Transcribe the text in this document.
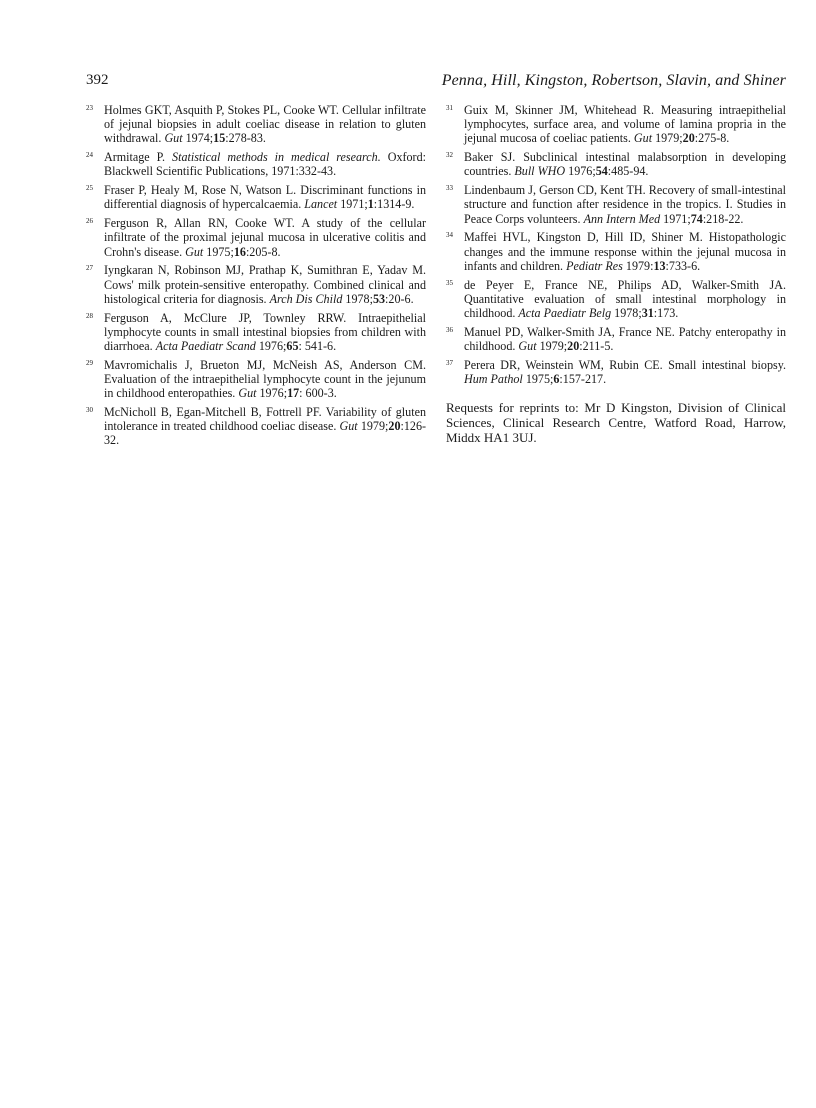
392	Penna, Hill, Kingston, Robertson, Slavin, and Shiner

23 Holmes GKT, Asquith P, Stokes PL, Cooke WT. Cellular infiltrate of jejunal biopsies in adult coeliac disease in relation to gluten withdrawal. Gut 1974;15:278-83.

24 Armitage P. Statistical methods in medical research. Oxford: Blackwell Scientific Publications, 1971:332-43.

25 Fraser P, Healy M, Rose N, Watson L. Discriminant functions in differential diagnosis of hypercalcaemia. Lancet 1971;1:1314-9.

26 Ferguson R, Allan RN, Cooke WT. A study of the cellular infiltrate of the proximal jejunal mucosa in ulcerative colitis and Crohn's disease. Gut 1975;16:205-8.

27 Iyngkaran N, Robinson MJ, Prathap K, Sumithran E, Yadav M. Cows' milk protein-sensitive enteropathy. Combined clinical and histological criteria for diagnosis. Arch Dis Child 1978;53:20-6.

28 Ferguson A, McClure JP, Townley RRW. Intraepithelial lymphocyte counts in small intestinal biopsies from children with diarrhoea. Acta Paediatr Scand 1976;65: 541-6.

29 Mavromichalis J, Brueton MJ, McNeish AS, Anderson CM. Evaluation of the intraepithelial lymphocyte count in the jejunum in childhood enteropathies. Gut 1976;17: 600-3.

30 McNicholl B, Egan-Mitchell B, Fottrell PF. Variability of gluten intolerance in treated childhood coeliac disease. Gut 1979;20:126-32.

31 Guix M, Skinner JM, Whitehead R. Measuring intraepithelial lymphocytes, surface area, and volume of lamina propria in the jejunal mucosa of coeliac patients. Gut 1979;20:275-8.

32 Baker SJ. Subclinical intestinal malabsorption in developing countries. Bull WHO 1976;54:485-94.

33 Lindenbaum J, Gerson CD, Kent TH. Recovery of small-intestinal structure and function after residence in the tropics. I. Studies in Peace Corps volunteers. Ann Intern Med 1971;74:218-22.

34 Maffei HVL, Kingston D, Hill ID, Shiner M. Histopathologic changes and the immune response within the jejunal mucosa in infants and children. Pediatr Res 1979:13:733-6.

35 de Peyer E, France NE, Philips AD, Walker-Smith JA. Quantitative evaluation of small intestinal morphology in childhood. Acta Paediatr Belg 1978;31:173.

36 Manuel PD, Walker-Smith JA, France NE. Patchy enteropathy in childhood. Gut 1979;20:211-5.

37 Perera DR, Weinstein WM, Rubin CE. Small intestinal biopsy. Hum Pathol 1975;6:157-217.

Requests for reprints to: Mr D Kingston, Division of Clinical Sciences, Clinical Research Centre, Watford Road, Harrow, Middx HA1 3UJ.
